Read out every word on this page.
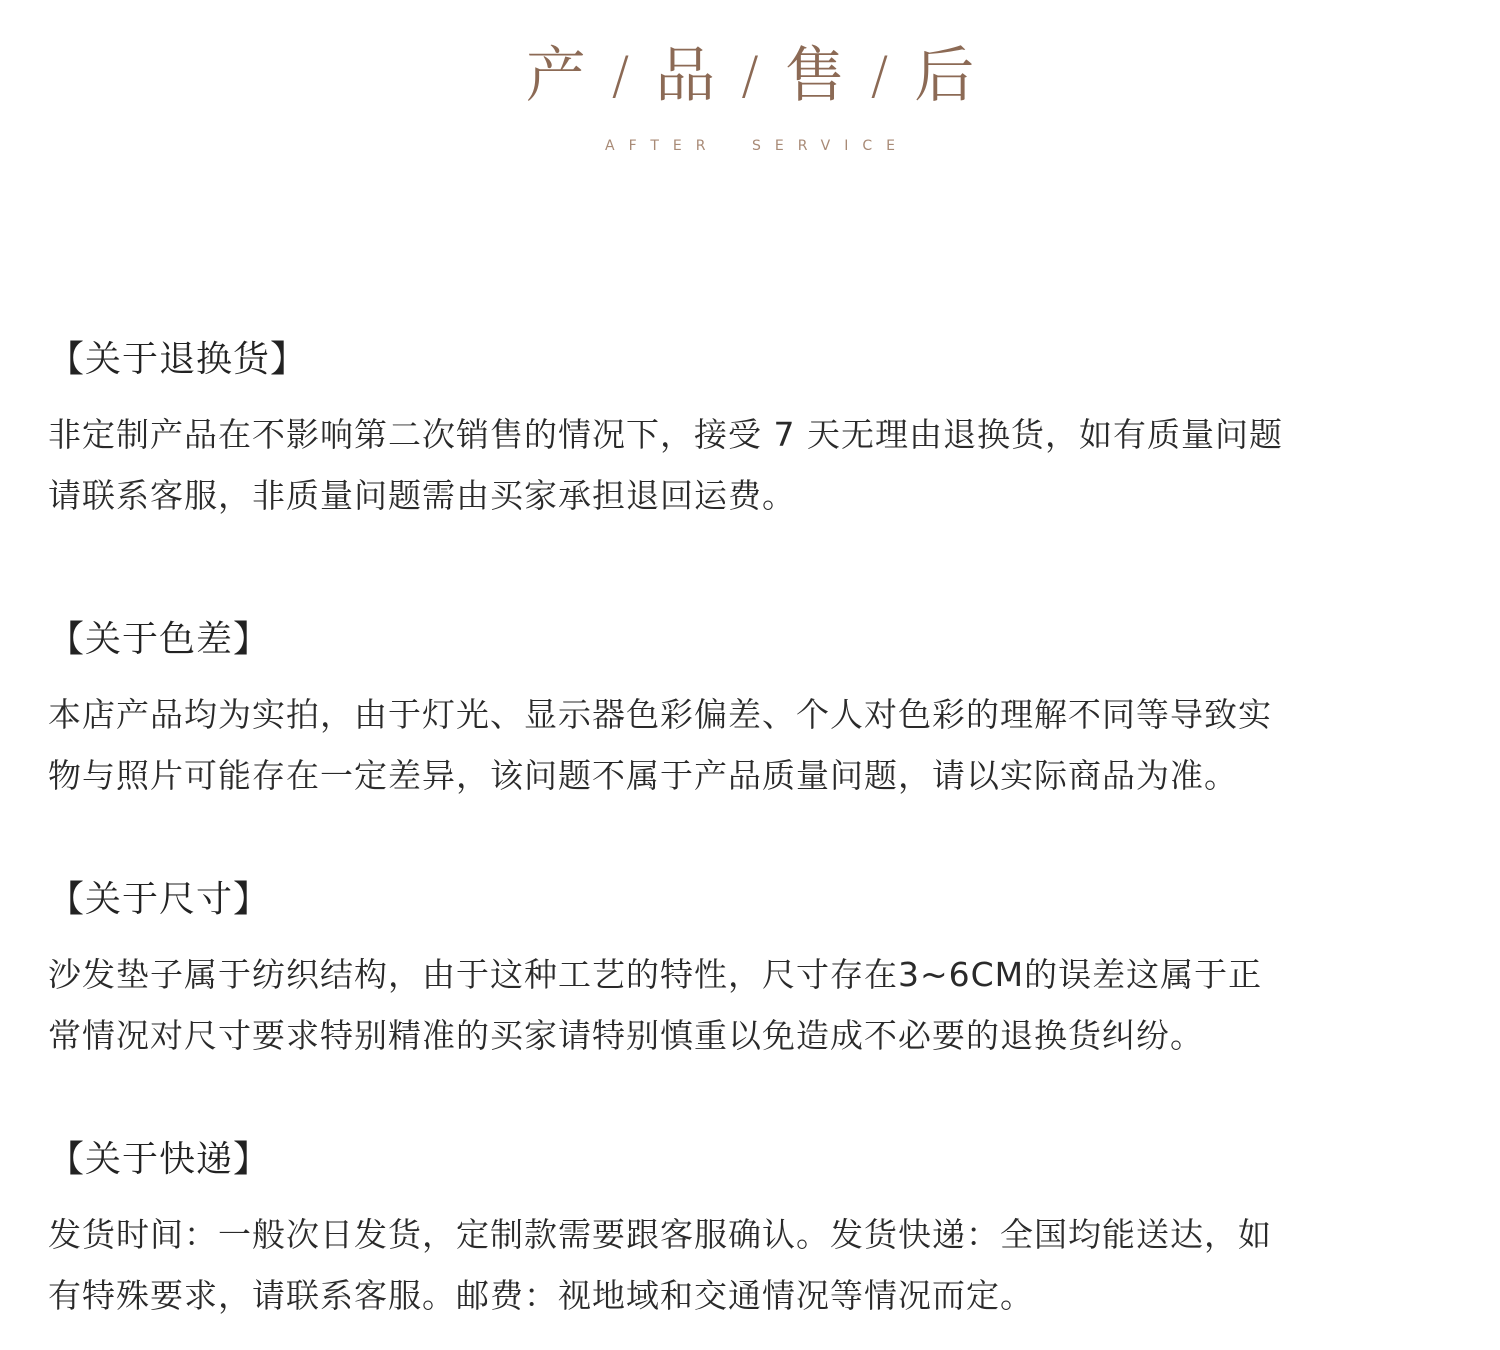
产 / 品 / 售 / 后
AFTER SERVICE
【关于退换货】

非定制产品在不影响第二次销售的情况下，接受 7 天无理由退换货，如有质量问题

请联系客服，非质量问题需由买家承担退回运费。

【关于色差】

本店产品均为实拍，由于灯光、显示器色彩偏差、个人对色彩的理解不同等导致实

物与照片可能存在一定差异，该问题不属于产品质量问题，请以实际商品为准。

【关于尺寸】

沙发垫子属于纺织结构，由于这种工艺的特性，尺寸存在3~6CM的误差这属于正

常情况对尺寸要求特别精准的买家请特别慎重以免造成不必要的退换货纠纷。

【关于快递】

发货时间：一般次日发货，定制款需要跟客服确认。发货快递：全国均能送达，如

有特殊要求，请联系客服。邮费：视地域和交通情况等情况而定。
